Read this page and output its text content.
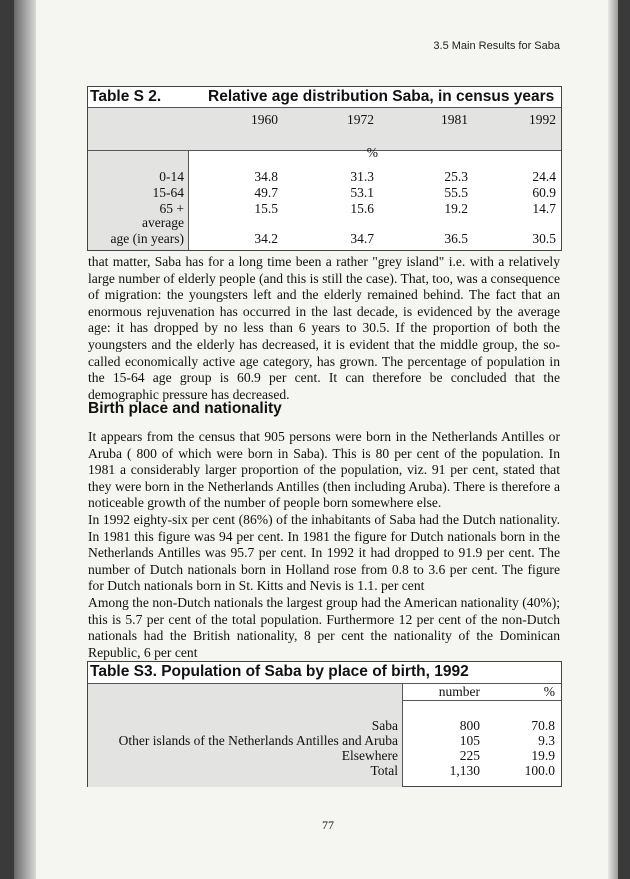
3.5 Main Results for Saba
Table S 2.	Relative age distribution Saba, in census years
1960	1972	1981	1992
%
0-14	34.8	31.3	25.3	24.4
15-64	49.7	53.1	55.5	60.9
65 +	15.5	15.6	19.2	14.7
average
age (in years)	34.2	34.7	36.5	30.5

that matter, Saba has for a long time been a rather "grey island" i.e. with a relatively large number of elderly people (and this is still the case). That, too, was a consequence of migration: the youngsters left and the elderly remained behind. The fact that an enormous rejuvenation has occurred in the last decade, is evidenced by the average age: it has dropped by no less than 6 years to 30.5. If the proportion of both the youngsters and the elderly has decreased, it is evident that the middle group, the so-called economically active age category, has grown. The percentage of population in the 15-64 age group is 60.9 per cent. It can therefore be concluded that the demographic pressure has decreased.

Birth place and nationality

It appears from the census that 905 persons were born in the Netherlands Antilles or Aruba ( 800 of which were born in Saba). This is 80 per cent of the population. In 1981 a considerably larger proportion of the population, viz. 91 per cent, stated that they were born in the Netherlands Antilles (then including Aruba). There is therefore a noticeable growth of the number of people born somewhere else.

In 1992 eighty-six per cent (86%) of the inhabitants of Saba had the Dutch nationality. In 1981 this figure was 94 per cent. In 1981 the figure for Dutch nationals born in the Netherlands Antilles was 95.7 per cent. In 1992 it had dropped to 91.9 per cent. The number of Dutch nationals born in Holland rose from 0.8 to 3.6 per cent. The figure for Dutch nationals born in St. Kitts and Nevis is 1.1. per cent

Among the non-Dutch nationals the largest group had the American nationality (40%); this is 5.7 per cent of the total population. Furthermore 12 per cent of the non-Dutch nationals had the British nationality, 8 per cent the nationality of the Dominican Republic, 6 per cent

Table S3. Population of Saba by place of birth, 1992
number	%
Saba	800	70.8
Other islands of the Netherlands Antilles and Aruba	105	9.3
Elsewhere	225	19.9
Total	1,130	100.0
77
